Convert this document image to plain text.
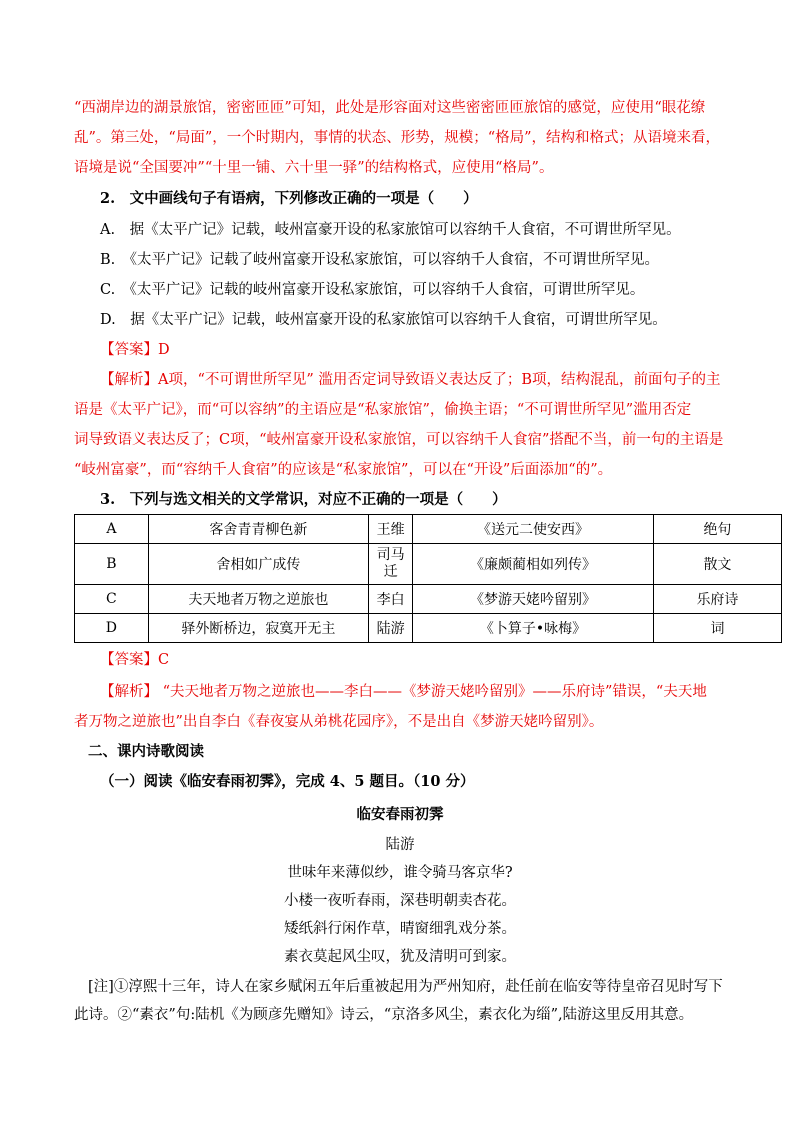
“西湖岸边的湖景旅馆，密密匝匝”可知，此处是形容面对这些密密匝匝旅馆的感觉，应使用“眼花缭
乱”。第三处，“局面”，一个时期内，事情的状态、形势，规模；“格局”，结构和格式；从语境来看，
语境是说“全国要冲”“十里一铺、六十里一驿”的结构格式，应使用“格局”。
2.　文中画线句子有语病，下列修改正确的一项是（　　）
A.　据《太平广记》记载，岐州富豪开设的私家旅馆可以容纳千人食宿，不可谓世所罕见。
B.　《太平广记》记载了岐州富豪开设私家旅馆，可以容纳千人食宿，不可谓世所罕见。
C.　《太平广记》记载的岐州富豪开设私家旅馆，可以容纳千人食宿，可谓世所罕见。
D.　据《太平广记》记载，岐州富豪开设的私家旅馆可以容纳千人食宿，可谓世所罕见。
【答案】D
【解析】A项，“不可谓世所罕见” 滥用否定词导致语义表达反了；B项，结构混乱，前面句子的主
语是《太平广记》，而“可以容纳”的主语应是“私家旅馆”，偷换主语；“不可谓世所罕见”滥用否定
词导致语义表达反了；C项，“岐州富豪开设私家旅馆，可以容纳千人食宿”搭配不当，前一句的主语是
“岐州富豪”，而“容纳千人食宿”的应该是“私家旅馆”，可以在“开设”后面添加“的”。
3.　下列与选文相关的文学常识，对应不正确的一项是（　　）
A	客舍青青柳色新	王维	《送元二使安西》	绝句
B	舍相如广成传	司马迁	《廉颇蔺相如列传》	散文
C	夫天地者万物之逆旅也	李白	《梦游天姥吟留别》	乐府诗
D	驿外断桥边，寂寞开无主	陆游	《卜算子•咏梅》	词
【答案】C
【解析】 “夫天地者万物之逆旅也——李白——《梦游天姥吟留别》——乐府诗”错误，“夫天地
者万物之逆旅也”出自李白《春夜宴从弟桃花园序》，不是出自《梦游天姥吟留别》。
二、课内诗歌阅读
（一）阅读《临安春雨初霁》，完成 4、5 题目。（10 分）
临安春雨初霁
陆游
世味年来薄似纱，谁令骑马客京华?
小楼一夜听春雨，深巷明朝卖杏花。
矮纸斜行闲作草，晴窗细乳戏分茶。
素衣莫起风尘叹，犹及清明可到家。
[注]①淳熙十三年，诗人在家乡赋闲五年后重被起用为严州知府，赴任前在临安等待皇帝召见时写下
此诗。②“素衣”句:陆机《为顾彦先赠知》诗云，“京洛多风尘，素衣化为缁”,陆游这里反用其意。
